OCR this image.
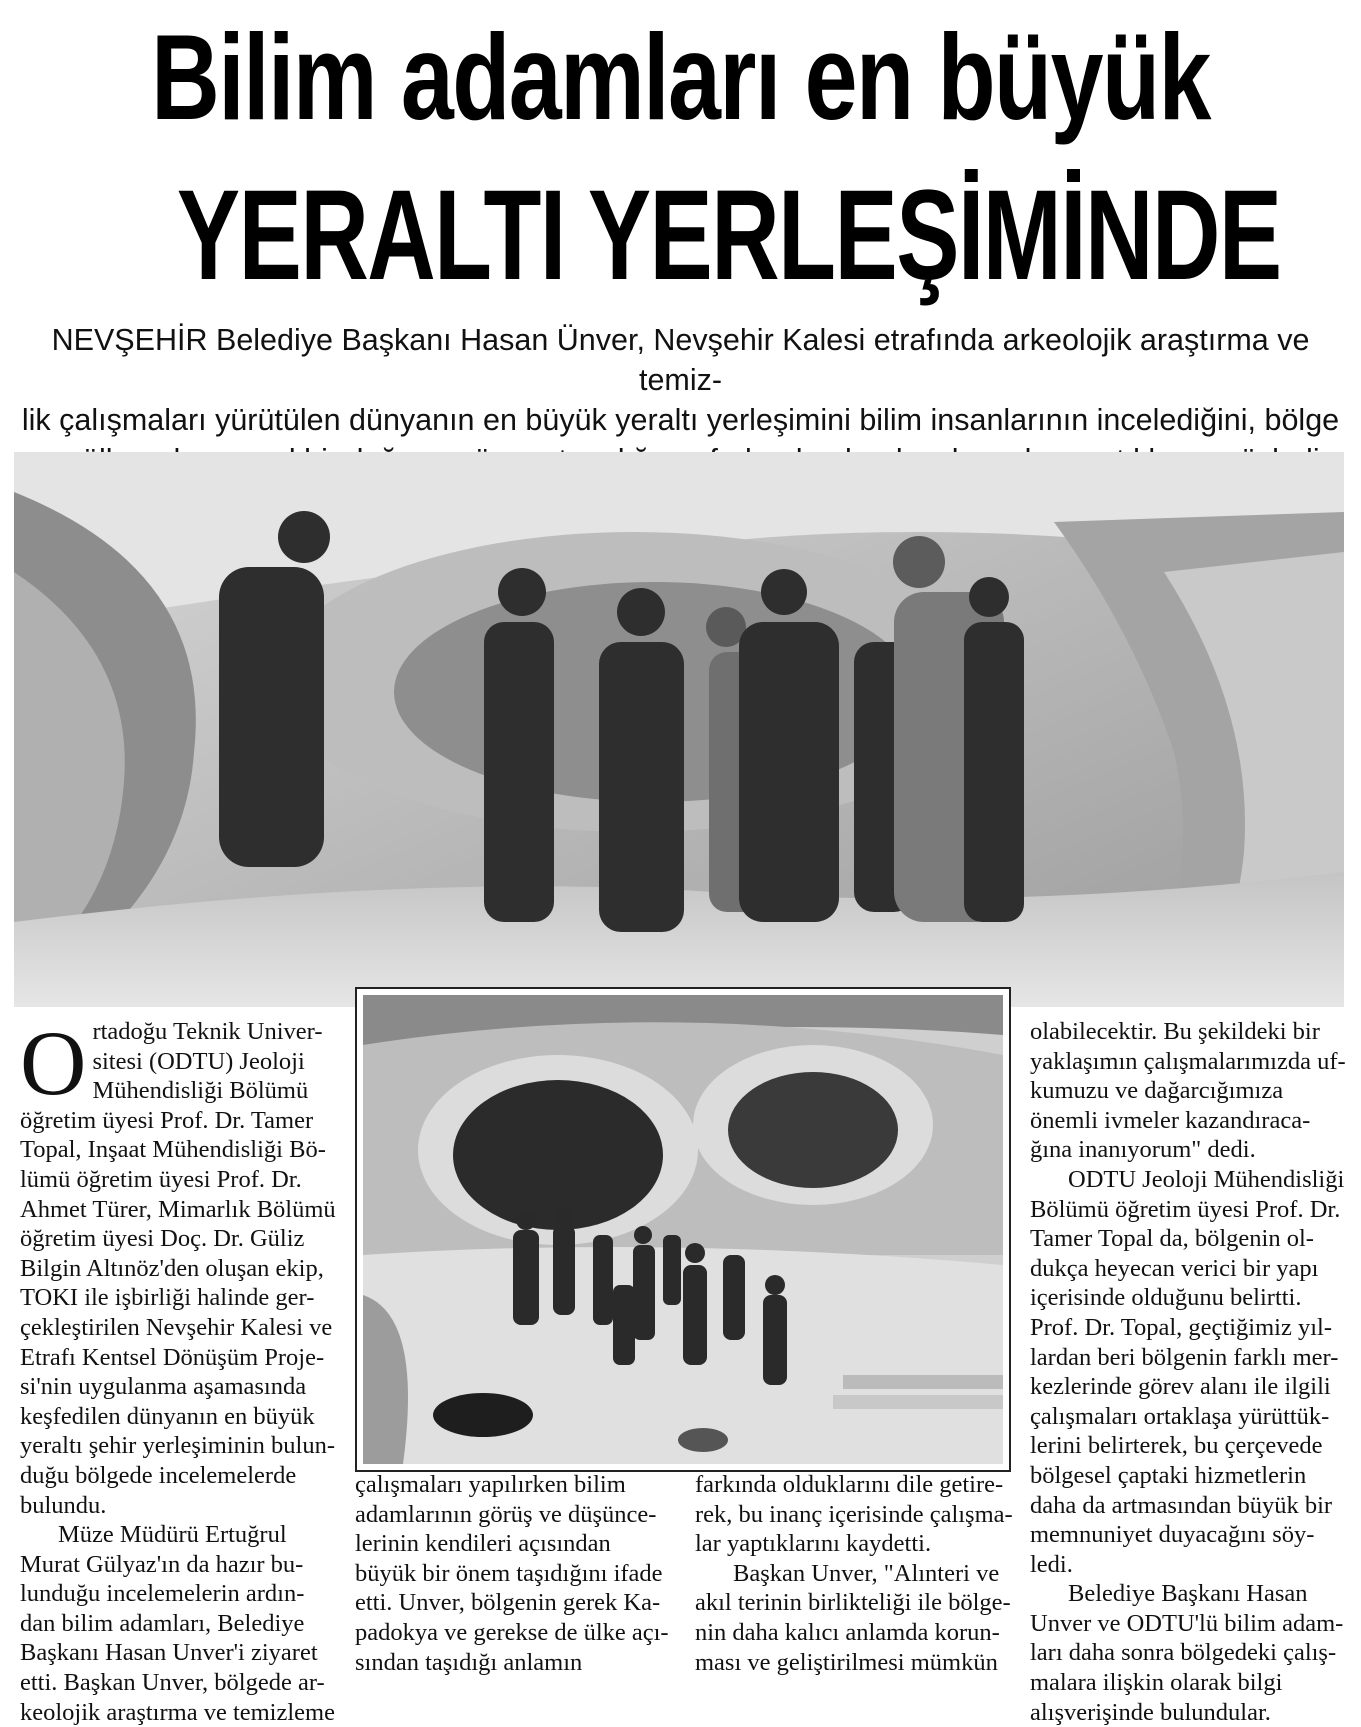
Bilim adamları en büyük
YERALTI YERLEŞİMİNDE
NEVŞEHİR Belediye Başkanı Hasan Ünver, Nevşehir Kalesi etrafında arkeolojik araştırma ve temiz-
lik çalışmaları yürütülen dünyanın en büyük yeraltı yerleşimini bilim insanlarının incelediğini, bölge
O rtadoğu Teknik Univer-

sitesi (ODTU) Jeoloji

Mühendisliği Bölümü

öğretim üyesi Prof. Dr. Tamer

Topal, Inşaat Mühendisliği Bö-

lümü öğretim üyesi Prof. Dr.

Ahmet Türer, Mimarlık Bölümü

öğretim üyesi Doç. Dr. Güliz

Bilgin Altınöz'den oluşan ekip,

TOKI ile işbirliği halinde ger-

çekleştirilen Nevşehir Kalesi ve

Etrafı Kentsel Dönüşüm Proje-

si'nin uygulanma aşamasında

keşfedilen dünyanın en büyük

yeraltı şehir yerleşiminin bulun-

duğu bölgede incelemelerde

bulundu.

Müze Müdürü Ertuğrul

Murat Gülyaz'ın da hazır bu-

lunduğu incelemelerin ardın-

dan bilim adamları, Belediye

Başkanı Hasan Unver'i ziyaret

etti. Başkan Unver, bölgede ar-

keolojik araştırma ve temizleme

çalışmaları yapılırken bilim

adamlarının görüş ve düşünce-

lerinin kendileri açısından

büyük bir önem taşıdığını ifade

etti. Unver, bölgenin gerek Ka-

padokya ve gerekse de ülke açı-

sından taşıdığı anlamın

farkında olduklarını dile getire-

rek, bu inanç içerisinde çalışma-

lar yaptıklarını kaydetti.

Başkan Unver, "Alınteri ve

akıl terinin birlikteliği ile bölge-

nin daha kalıcı anlamda korun-

ması ve geliştirilmesi mümkün

olabilecektir. Bu şekildeki bir

yaklaşımın çalışmalarımızda uf-

kumuzu ve dağarcığımıza

önemli ivmeler kazandıraca-

ğına inanıyorum" dedi.

ODTU Jeoloji Mühendisliği

Bölümü öğretim üyesi Prof. Dr.

Tamer Topal da, bölgenin ol-

dukça heyecan verici bir yapı

içerisinde olduğunu belirtti.

Prof. Dr. Topal, geçtiğimiz yıl-

lardan beri bölgenin farklı mer-

kezlerinde görev alanı ile ilgili

çalışmaları ortaklaşa yürüttük-

lerini belirterek, bu çerçevede

bölgesel çaptaki hizmetlerin

daha da artmasından büyük bir

memnuniyet duyacağını söy-

ledi.

Belediye Başkanı Hasan

Unver ve ODTU'lü bilim adam-

ları daha sonra bölgedeki çalış-

malara ilişkin olarak bilgi

alışverişinde bulundular.
